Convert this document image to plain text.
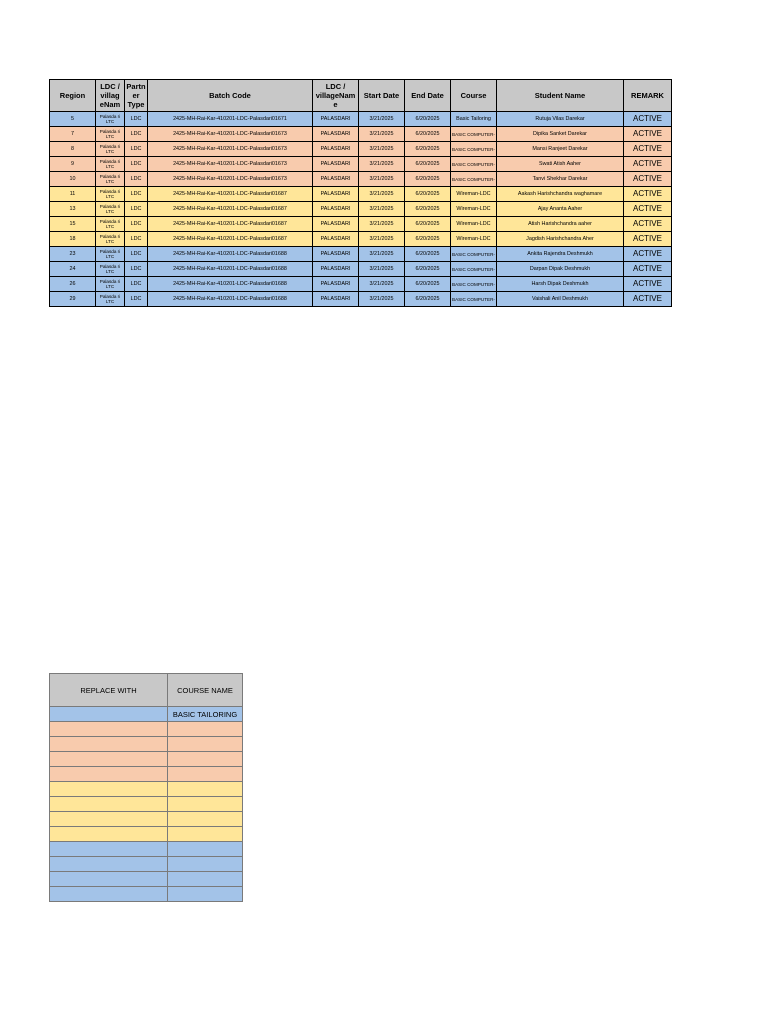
Region	LDC / villag eNam	Partn er Type	Batch Code	LDC / villageNam e	Start Date	End Date	Course	Student Name	REMARK
5	Palasda ri LTC	LDC	2425-MH-Rai-Kar-410201-LDC-Palasdari01671	PALASDARI	3/21/2025	6/20/2025	Basic Tailoring	Rutuja Vilas Darekar	ACTIVE
7	Palasda ri LTC	LDC	2425-MH-Rai-Kar-410201-LDC-Palasdari01673	PALASDARI	3/21/2025	6/20/2025	BASIC COMPUTER-	Dipika Sanket Darekar	ACTIVE
8	Palasda ri LTC	LDC	2425-MH-Rai-Kar-410201-LDC-Palasdari01673	PALASDARI	3/21/2025	6/20/2025	BASIC COMPUTER-	Mansi Ranjeet Darekar	ACTIVE
9	Palasda ri LTC	LDC	2425-MH-Rai-Kar-410201-LDC-Palasdari01673	PALASDARI	3/21/2025	6/20/2025	BASIC COMPUTER-	Swati Atish Aaher	ACTIVE
10	Palasda ri LTC	LDC	2425-MH-Rai-Kar-410201-LDC-Palasdari01673	PALASDARI	3/21/2025	6/20/2025	BASIC COMPUTER-	Tanvi Shekhar Darekar	ACTIVE
11	Palasda ri LTC	LDC	2425-MH-Rai-Kar-410201-LDC-Palasdari01687	PALASDARI	3/21/2025	6/20/2025	Wireman-LDC	Aakash Harishchandra waghamare	ACTIVE
13	Palasda ri LTC	LDC	2425-MH-Rai-Kar-410201-LDC-Palasdari01687	PALASDARI	3/21/2025	6/20/2025	Wireman-LDC	Ajay Ananta Aaher	ACTIVE
15	Palasda ri LTC	LDC	2425-MH-Rai-Kar-410201-LDC-Palasdari01687	PALASDARI	3/21/2025	6/20/2025	Wireman-LDC	Atish Harishchandra aaher	ACTIVE
18	Palasda ri LTC	LDC	2425-MH-Rai-Kar-410201-LDC-Palasdari01687	PALASDARI	3/21/2025	6/20/2025	Wireman-LDC	Jagdish Harishchandra Aher	ACTIVE
23	Palasda ri LTC	LDC	2425-MH-Rai-Kar-410201-LDC-Palasdari01688	PALASDARI	3/21/2025	6/20/2025	BASIC COMPUTER-	Ankita Rajendra Deshmukh	ACTIVE
24	Palasda ri LTC	LDC	2425-MH-Rai-Kar-410201-LDC-Palasdari01688	PALASDARI	3/21/2025	6/20/2025	BASIC COMPUTER-	Darpan Dipak Deshmukh	ACTIVE
26	Palasda ri LTC	LDC	2425-MH-Rai-Kar-410201-LDC-Palasdari01688	PALASDARI	3/21/2025	6/20/2025	BASIC COMPUTER-	Harsh Dipak Deshmukh	ACTIVE
29	Palasda ri LTC	LDC	2425-MH-Rai-Kar-410201-LDC-Palasdari01688	PALASDARI	3/21/2025	6/20/2025	BASIC COMPUTER-	Vaishali Anil Deshmukh	ACTIVE
REPLACE WITH	COURSE NAME
	BASIC TAILORING
